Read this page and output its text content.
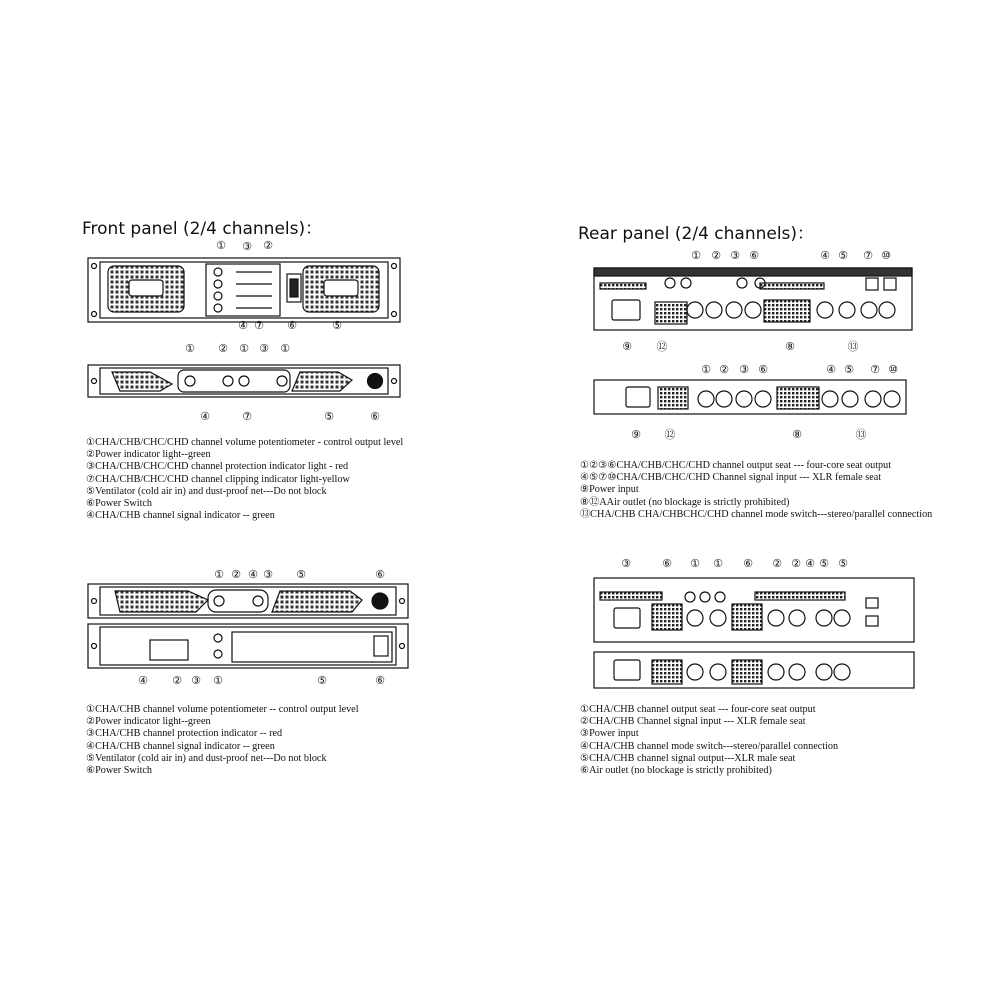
Front panel (2/4 channels)：	Rear panel (2/4 channels)：
① ③ ②
④ ⑦ ⑥	⑤
① ② ① ③ ①
④	⑦	⑤	⑥
① ② ④ ③ ⑤	⑥
④ ② ③ ①	⑤	⑥
① ② ③ ⑥	④ ⑤ ⑦ ⑩
⑨ ⑫	⑧	⑬
① ② ③ ⑥	④ ⑤ ⑦ ⑩
⑨ ⑫	⑧	⑬
③	⑥ ① ① ⑥ ② ② ④ ⑤ ⑤
①CHA/CHB/CHC/CHD channel volume potentiometer - control output level
②Power indicator light--green
③CHA/CHB/CHC/CHD channel protection indicator light - red
⑦CHA/CHB/CHC/CHD channel clipping indicator light-yellow
⑤Ventilator (cold air in) and dust-proof net---Do not block
⑥Power Switch
④CHA/CHB channel signal indicator -- green
①CHA/CHB channel volume potentiometer -- control output level
②Power indicator light--green
③CHA/CHB channel protection indicator -- red
④CHA/CHB channel signal indicator -- green
⑤Ventilator (cold air in) and dust-proof net---Do not block
⑥Power Switch
①②③⑥CHA/CHB/CHC/CHD channel output seat --- four-core seat output
④⑤⑦⑩CHA/CHB/CHC/CHD Channel signal input --- XLR female seat
⑨Power input
⑧⑫AAir outlet (no blockage is strictly prohibited)
⑬CHA/CHB CHA/CHBCHC/CHD channel mode switch---stereo/parallel connection
①CHA/CHB channel output seat --- four-core seat output
②CHA/CHB Channel signal input --- XLR female seat
③Power input
④CHA/CHB channel mode switch---stereo/parallel connection
⑤CHA/CHB channel signal output---XLR male seat
⑥Air outlet (no blockage is strictly prohibited)
